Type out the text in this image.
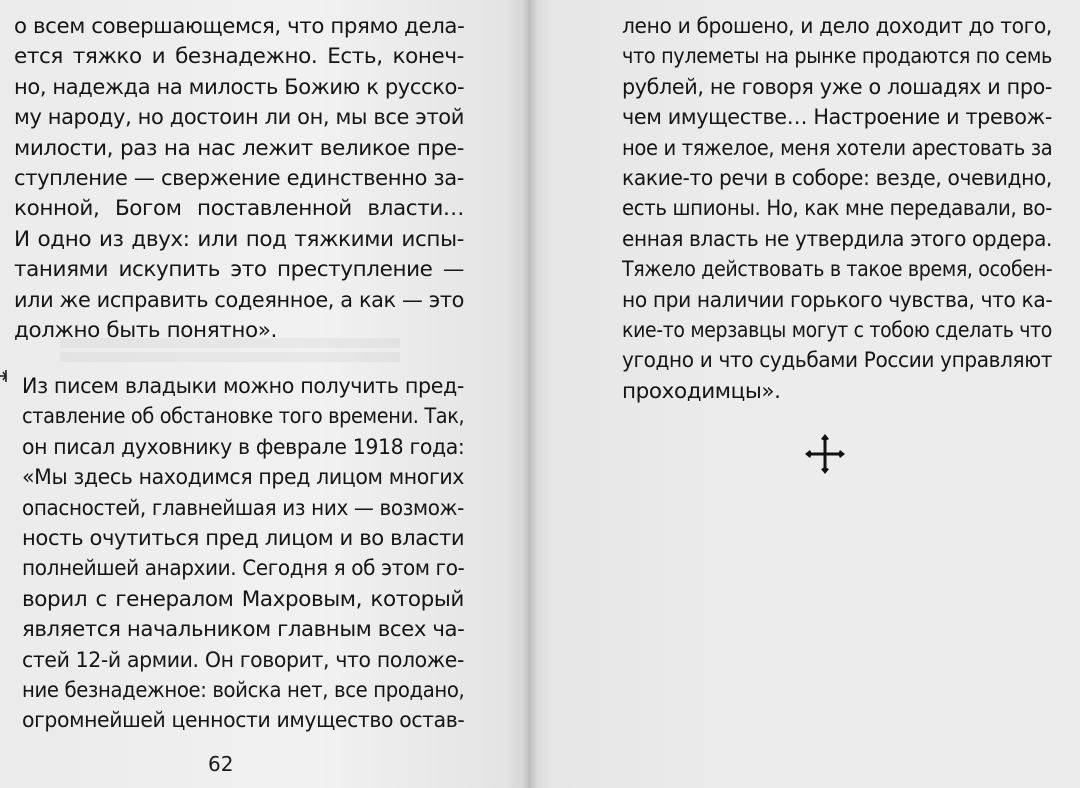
о всем совершающемся, что прямо дела-
ется тяжко и безнадежно. Есть, конеч-
но, надежда на милость Божию к русско-
му народу, но достоин ли он, мы все этой
милости, раз на нас лежит великое пре-
ступление — свержение единственно за-
конной, Богом поставленной власти…
И одно из двух: или под тяжкими испы-
таниями искупить это преступление —
или же исправить содеянное, а как — это
должно быть понятно».
Из писем владыки можно получить пред-
ставление об обстановке того времени. Так,
он писал духовнику в феврале 1918 года:
«Мы здесь находимся пред лицом многих
опасностей, главнейшая из них — возмож-
ность очутиться пред лицом и во власти
полнейшей анархии. Сегодня я об этом го-
ворил с генералом Махровым, который
является начальником главным всех ча-
стей 12-й армии. Он говорит, что положе-
ние безнадежное: войска нет, все продано,
огромнейшей ценности имущество остав-
62
лено и брошено, и дело доходит до того,
что пулеметы на рынке продаются по семь
рублей, не говоря уже о лошадях и про-
чем имуществе… Настроение и тревож-
ное и тяжелое, меня хотели арестовать за
какие-то речи в соборе: везде, очевидно,
есть шпионы. Но, как мне передавали, во-
енная власть не утвердила этого ордера.
Тяжело действовать в такое время, особен-
но при наличии горького чувства, что ка-
кие-то мерзавцы могут с тобою сделать что
угодно и что судьбами России управляют
проходимцы».
